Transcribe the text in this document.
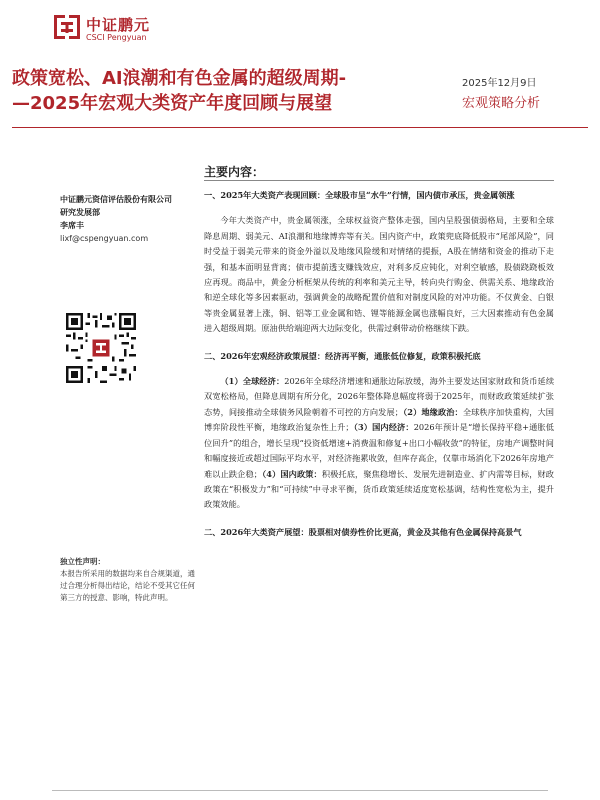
中证鹏元
CSCI Pengyuan
政策宽松、AI浪潮和有色金属的超级周期-
—2025年宏观大类资产年度回顾与展望
2025年12月9日
宏观策略分析
中证鹏元资信评估股份有限公司
研究发展部
李席丰
lixf@cspengyuan.com
独立性声明：
本报告所采用的数据均来自合规渠道，通过合理分析得出结论，结论不受其它任何第三方的授意、影响，特此声明。
主要内容：
一、2025年大类资产表现回顾：全球股市呈“水牛”行情，国内债市承压，贵金属领涨

今年大类资产中，贵金属领涨，全球权益资产整体走强，国内呈股强债弱格局，主要和全球降息周期、弱美元、AI浪潮和地缘博弈等有关。国内资产中，政策兜底降低股市“尾部风险”，同时受益于弱美元带来的资金外溢以及地缘风险缓和对情绪的提振，A股在情绪和资金的推动下走强，和基本面明显背离；债市提前透支赚钱效应，对利多反应钝化，对利空敏感，股债跷跷板效应再现。商品中，黄金分析框架从传统的利率和美元主导，转向央行购金、供需关系、地缘政治和逆全球化等多因素驱动，强调黄金的战略配置价值和对制度风险的对冲功能。不仅黄金、白银等贵金属显著上涨，铜、铝等工业金属和锆、锂等能源金属也涨幅良好，三大因素推动有色金属进入超级周期。原油供给端迎两大边际变化，供需过剩带动价格继续下跌。

二、2026年宏观经济政策展望：经济再平衡，通胀低位修复，政策积极托底

（1）全球经济：2026年全球经济增速和通胀边际放缓，海外主要发达国家财政和货币延续双宽松格局，但降息周期有所分化，2026年整体降息幅度将弱于2025年，而财政政策延续扩张态势，间接推动全球债务风险朝着不可控的方向发展；（2）地缘政治：全球秩序加快重构，大国博弈阶段性平衡，地缘政治复杂性上升；（3）国内经济：2026年预计是“增长保持平稳+通胀低位回升”的组合，增长呈现“投资低增速+消费温和修复+出口小幅收敛”的特征，房地产调整时间和幅度接近或超过国际平均水平，对经济拖累收敛，但库存高企，仅靠市场消化下2026年房地产难以止跌企稳；（4）国内政策：积极托底，聚焦稳增长、发展先进制造业、扩内需等目标，财政政策在“积极发力”和“可持续”中寻求平衡，货币政策延续适度宽松基调，结构性宽松为主，提升政策效能。

二、2026年大类资产展望：股票相对债券性价比更高，黄金及其他有色金属保持高景气
